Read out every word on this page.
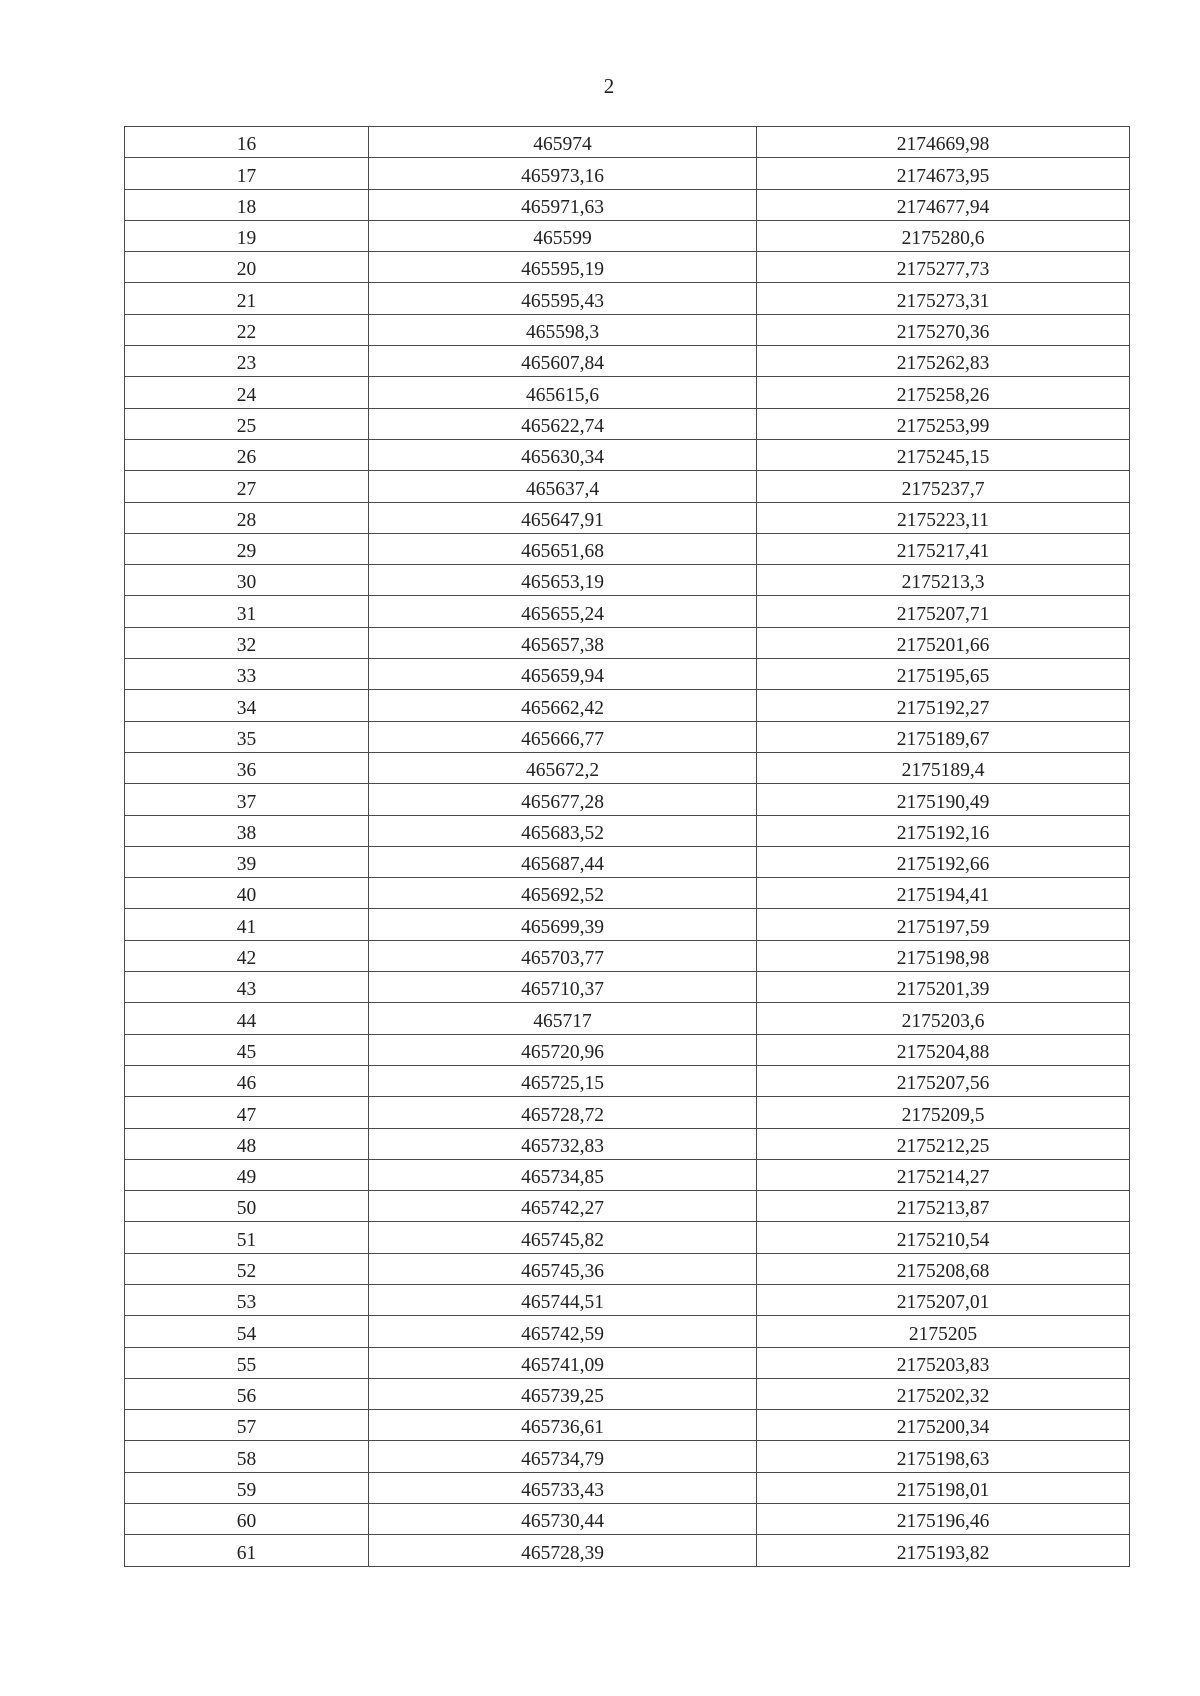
2
16	465974	2174669,98
17	465973,16	2174673,95
18	465971,63	2174677,94
19	465599	2175280,6
20	465595,19	2175277,73
21	465595,43	2175273,31
22	465598,3	2175270,36
23	465607,84	2175262,83
24	465615,6	2175258,26
25	465622,74	2175253,99
26	465630,34	2175245,15
27	465637,4	2175237,7
28	465647,91	2175223,11
29	465651,68	2175217,41
30	465653,19	2175213,3
31	465655,24	2175207,71
32	465657,38	2175201,66
33	465659,94	2175195,65
34	465662,42	2175192,27
35	465666,77	2175189,67
36	465672,2	2175189,4
37	465677,28	2175190,49
38	465683,52	2175192,16
39	465687,44	2175192,66
40	465692,52	2175194,41
41	465699,39	2175197,59
42	465703,77	2175198,98
43	465710,37	2175201,39
44	465717	2175203,6
45	465720,96	2175204,88
46	465725,15	2175207,56
47	465728,72	2175209,5
48	465732,83	2175212,25
49	465734,85	2175214,27
50	465742,27	2175213,87
51	465745,82	2175210,54
52	465745,36	2175208,68
53	465744,51	2175207,01
54	465742,59	2175205
55	465741,09	2175203,83
56	465739,25	2175202,32
57	465736,61	2175200,34
58	465734,79	2175198,63
59	465733,43	2175198,01
60	465730,44	2175196,46
61	465728,39	2175193,82
